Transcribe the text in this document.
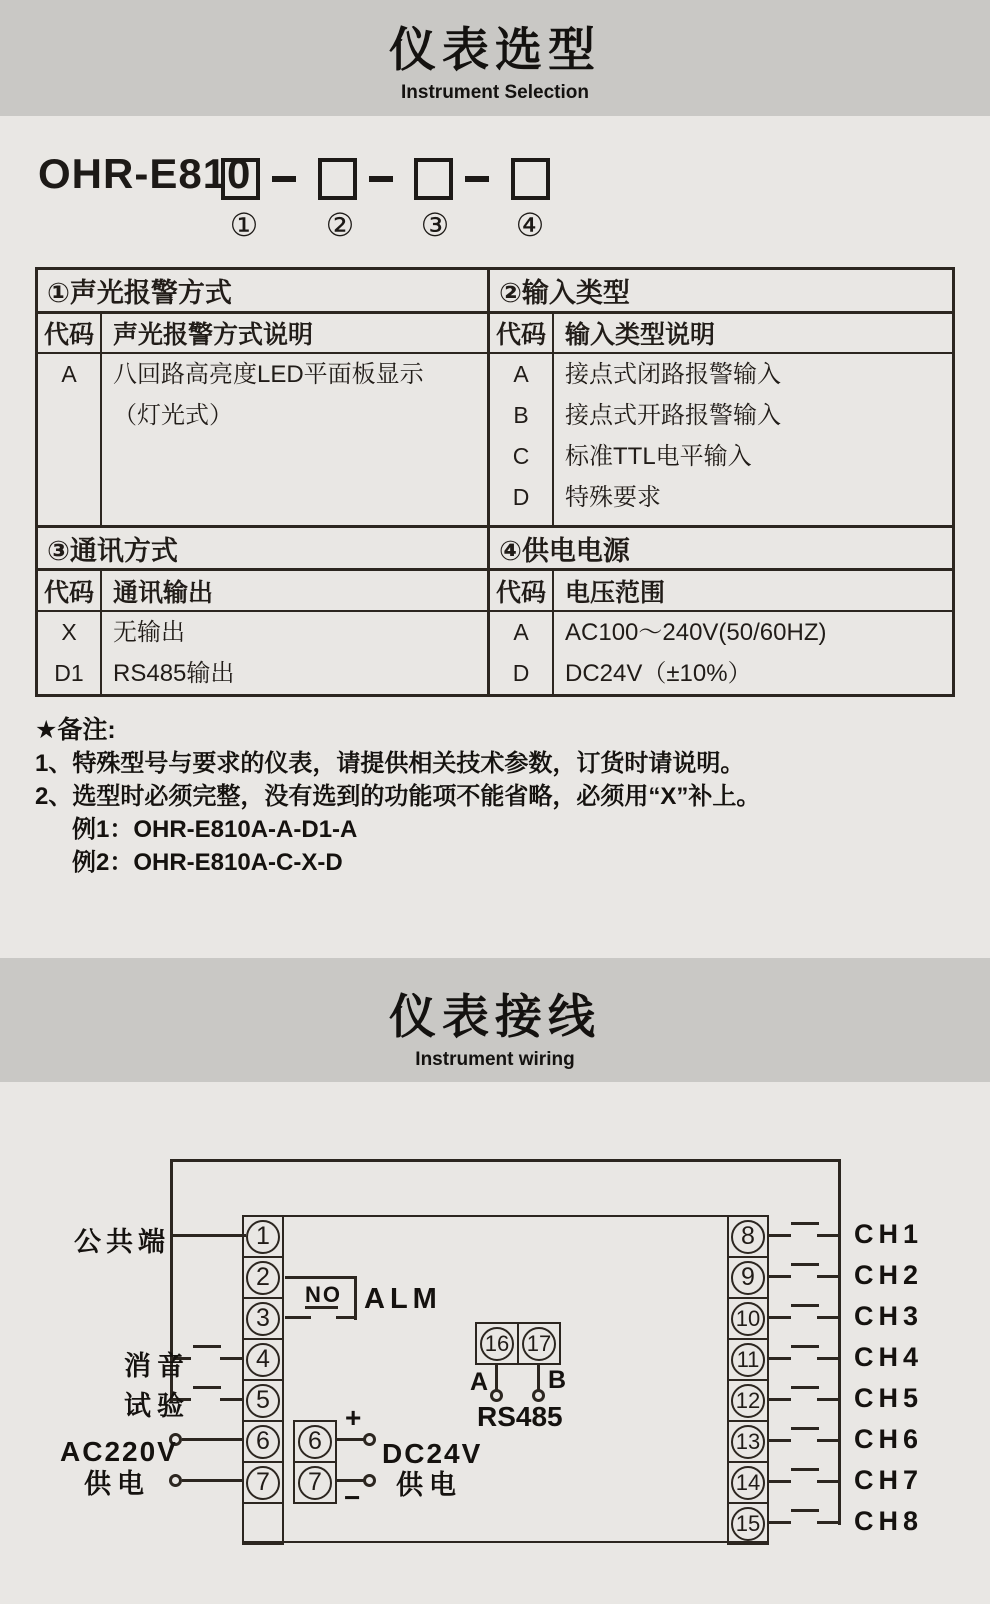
仪表选型
Instrument Selection
OHR-E810
① ② ③ ④
①声光报警方式
代码 声光报警方式说明
A 八回路高亮度LED平面板显示
（灯光式）
③通讯方式
代码 通讯输出
X
D1
无输出
RS485输出
②输入类型
代码 输入类型说明
A
B
C
D
接点式闭路报警输入
接点式开路报警输入
标准TTL电平输入
特殊要求
④供电电源
代码 电压范围
A
D
AC100～240V(50/60HZ)
DC24V（±10%）
★备注:
1、特殊型号与要求的仪表，请提供相关技术参数，订货时请说明。
2、选型时必须完整，没有选到的功能项不能省略，必须用“X”补上。
例1：OHR-E810A-A-D1-A
例2：OHR-E810A-C-X-D
仪表接线
Instrument wiring
1
2
3
4
5
6
7
8
9
10
11
12
13
14
15
公共端
消音
试验
AC220V
供电
NO ALM
6
7
+
−
DC24V
供电
16 17
A B
RS485
CH1
CH2
CH3
CH4
CH5
CH6
CH7
CH8
